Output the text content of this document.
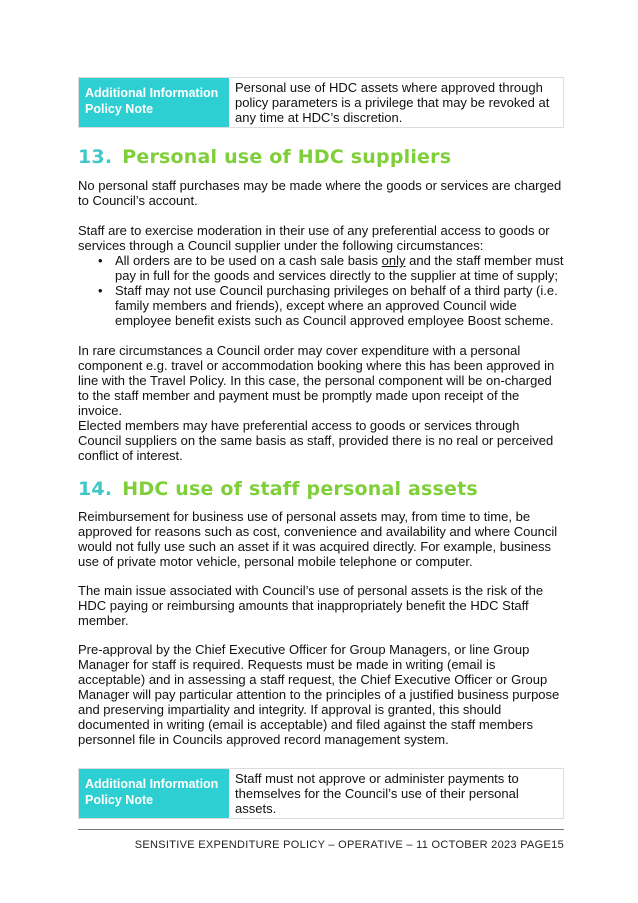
Additional Information
Policy Note
Personal use of HDC assets where approved through policy parameters is a privilege that may be revoked at any time at HDC’s discretion.
13. Personal use of HDC suppliers

No personal staff purchases may be made where the goods or services are charged to Council’s account.

Staff are to exercise moderation in their use of any preferential access to goods or services through a Council supplier under the following circumstances:

• All orders are to be used on a cash sale basis only and the staff member must pay in full for the goods and services directly to the supplier at time of supply;
• Staff may not use Council purchasing privileges on behalf of a third party (i.e. family members and friends), except where an approved Council wide employee benefit exists such as Council approved employee Boost scheme.

In rare circumstances a Council order may cover expenditure with a personal component e.g. travel or accommodation booking where this has been approved in line with the Travel Policy. In this case, the personal component will be on-charged to the staff member and payment must be promptly made upon receipt of the invoice.

Elected members may have preferential access to goods or services through Council suppliers on the same basis as staff, provided there is no real or perceived conflict of interest.

14. HDC use of staff personal assets

Reimbursement for business use of personal assets may, from time to time, be approved for reasons such as cost, convenience and availability and where Council would not fully use such an asset if it was acquired directly. For example, business use of private motor vehicle, personal mobile telephone or computer.

The main issue associated with Council’s use of personal assets is the risk of the HDC paying or reimbursing amounts that inappropriately benefit the HDC Staff member.

Pre-approval by the Chief Executive Officer for Group Managers, or line Group Manager for staff is required. Requests must be made in writing (email is acceptable) and in assessing a staff request, the Chief Executive Officer or Group Manager will pay particular attention to the principles of a justified business purpose and preserving impartiality and integrity. If approval is granted, this should documented in writing (email is acceptable) and filed against the staff members personnel file in Councils approved record management system.

Additional Information
Policy Note
Staff must not approve or administer payments to themselves for the Council’s use of their personal assets.
SENSITIVE EXPENDITURE POLICY – OPERATIVE – 11 OCTOBER 2023 PAGE15
